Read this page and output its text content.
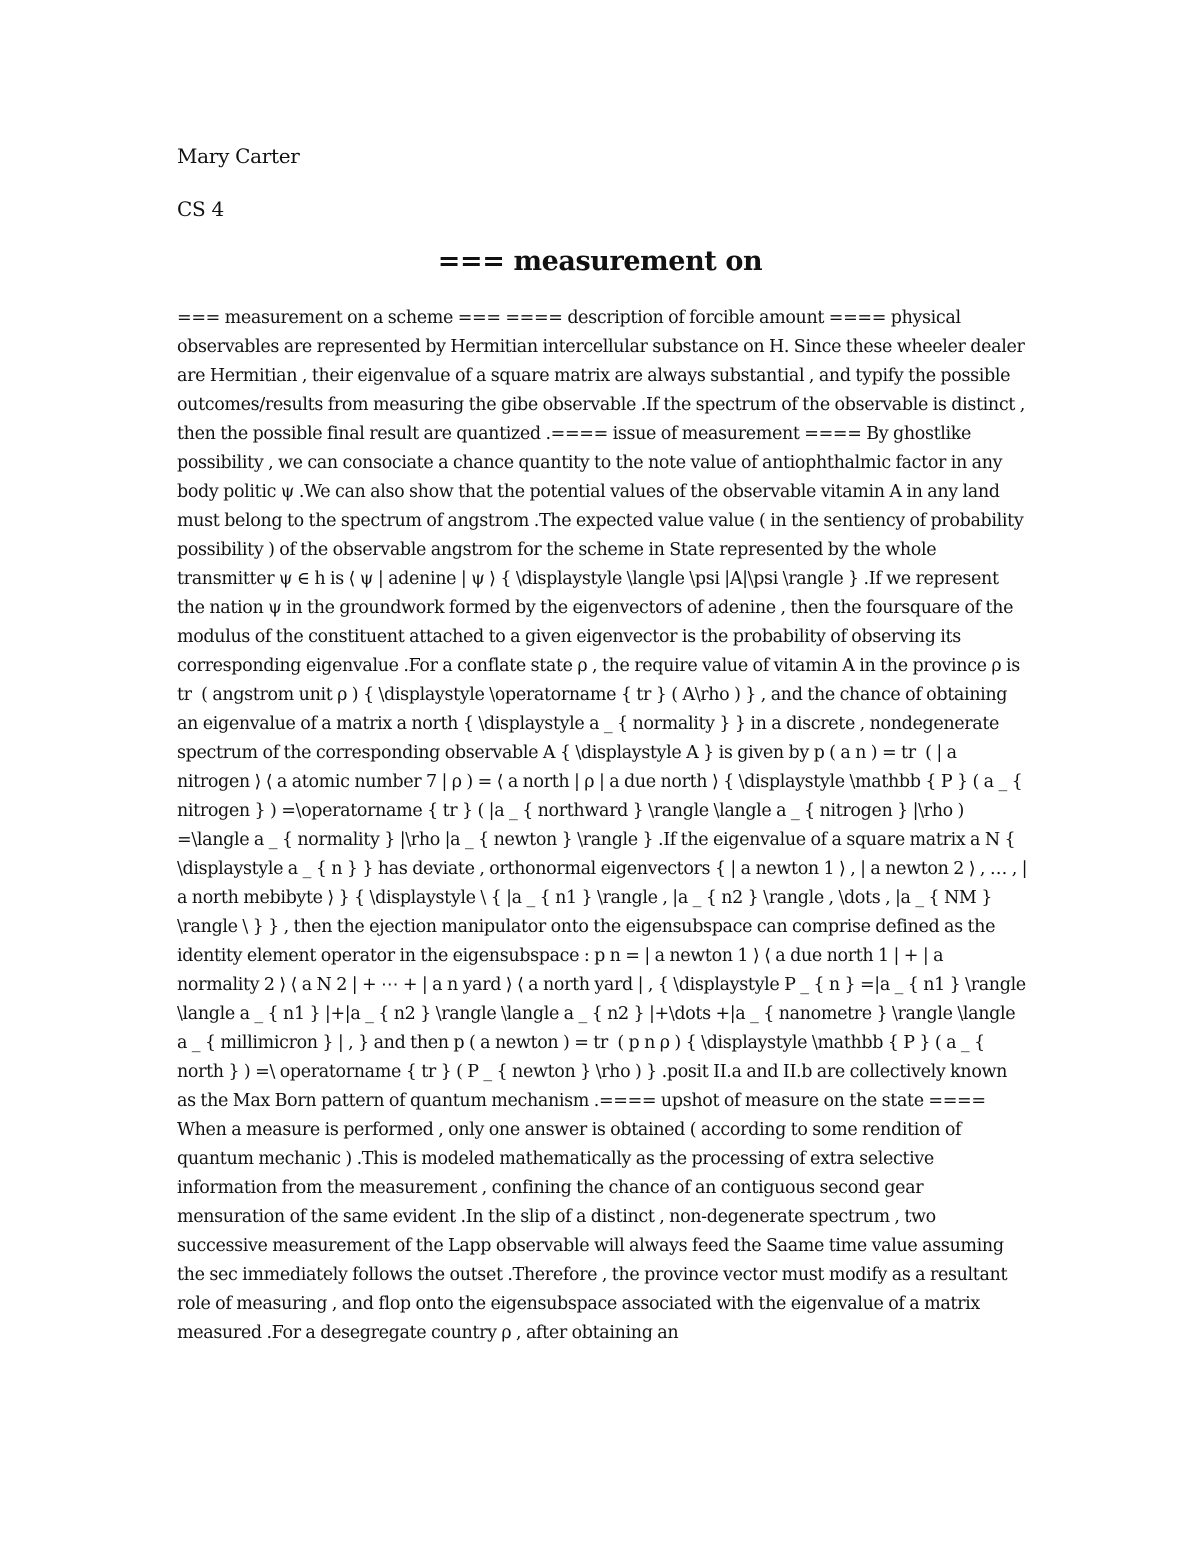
Mary Carter

CS 4

=== measurement on

=== measurement on a scheme === ==== description of forcible amount ==== physical observables are represented by Hermitian intercellular substance on H. Since these wheeler dealer are Hermitian , their eigenvalue of a square matrix are always substantial , and typify the possible outcomes/results from measuring the gibe observable .If the spectrum of the observable is distinct , then the possible final result are quantized .==== issue of measurement ==== By ghostlike possibility , we can consociate a chance quantity to the note value of antiophthalmic factor in any body politic ψ .We can also show that the potential values of the observable vitamin A in any land must belong to the spectrum of angstrom .The expected value value ( in the sentiency of probability possibility ) of the observable angstrom for the scheme in State represented by the whole transmitter ψ ∈ h is ⟨ ψ | adenine | ψ ⟩ { \displaystyle \langle \psi |A|\psi \rangle } .If we represent the nation ψ in the groundwork formed by the eigenvectors of adenine , then the foursquare of the modulus of the constituent attached to a given eigenvector is the probability of observing its corresponding eigenvalue .For a conflate state ρ , the require value of vitamin A in the province ρ is tr ⁡ ( angstrom unit ρ ) { \displaystyle \operatorname { tr } ( A\rho ) } , and the chance of obtaining an eigenvalue of a matrix a north { \displaystyle a _ { normality } } in a discrete , nondegenerate spectrum of the corresponding observable A { \displaystyle A } is given by p ( a n ) = tr ⁡ ( | a nitrogen ⟩ ⟨ a atomic number 7 | ρ ) = ⟨ a north | ρ | a due north ⟩ { \displaystyle \mathbb { P } ( a _ { nitrogen } ) =\operatorname { tr } ( |a _ { northward } \rangle \langle a _ { nitrogen } |\rho ) =\langle a _ { normality } |\rho |a _ { newton } \rangle } .If the eigenvalue of a square matrix a N { \displaystyle a _ { n } } has deviate , orthonormal eigenvectors { | a newton 1 ⟩ , | a newton 2 ⟩ , … , | a north mebibyte ⟩ } { \displaystyle \ { |a _ { n1 } \rangle , |a _ { n2 } \rangle , \dots , |a _ { NM } \rangle \ } } , then the ejection manipulator onto the eigensubspace can comprise defined as the identity element operator in the eigensubspace : p n = | a newton 1 ⟩ ⟨ a due north 1 | + | a normality 2 ⟩ ⟨ a N 2 | + ⋯ + | a n yard ⟩ ⟨ a north yard | , { \displaystyle P _ { n } =|a _ { n1 } \rangle \langle a _ { n1 } |+|a _ { n2 } \rangle \langle a _ { n2 } |+\dots +|a _ { nanometre } \rangle \langle a _ { millimicron } | , } and then p ( a newton ) = tr ⁡ ( p n ρ ) { \displaystyle \mathbb { P } ( a _ { north } ) =\ operatorname { tr } ( P _ { newton } \rho ) } .posit II.a and II.b are collectively known as the Max Born pattern of quantum mechanism .==== upshot of measure on the state ==== When a measure is performed , only one answer is obtained ( according to some rendition of quantum mechanic ) .This is modeled mathematically as the processing of extra selective information from the measurement , confining the chance of an contiguous second gear mensuration of the same evident .In the slip of a distinct , non-degenerate spectrum , two successive measurement of the Lapp observable will always feed the Saame time value assuming the sec immediately follows the outset .Therefore , the province vector must modify as a resultant role of measuring , and flop onto the eigensubspace associated with the eigenvalue of a matrix measured .For a desegregate country ρ , after obtaining an
